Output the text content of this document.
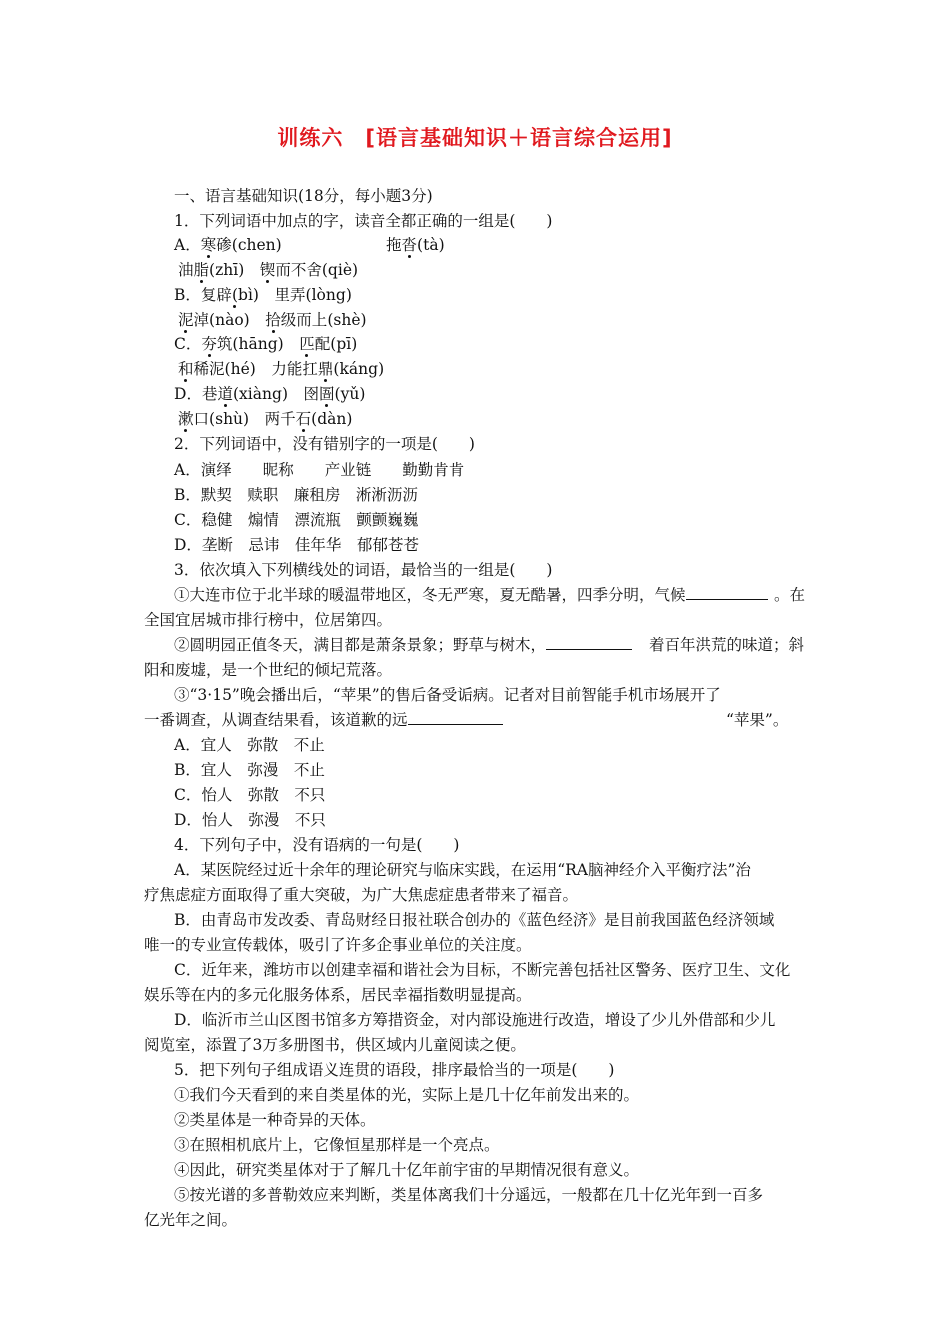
训练六 [语言基础知识＋语言综合运用]
一、语言基础知识(18分，每小题3分)
1．下列词语中加点的字，读音全都正确的一组是(　　)
A．寒碜(chen)	拖沓(tà)
油脂(zhī)　 锲而不舍(qiè)
B．复辟(bì)　 里弄(lòng)
泥淖(nào)　 拾级而上(shè)
C．夯筑(hāng)　 匹配(pī)
和稀泥(hé)　 力能扛鼎(káng)
D．巷道(xiàng)　 囹圄(yǔ)
漱口(shù)　 两千石(dàn)
2．下列词语中，没有错别字的一项是(　　)
A．演绎　　昵称　　产业链　　勤勤肯肯
B．默契　赎职　廉租房　淅淅沥沥
C．稳健　煽情　漂流瓶　颤颤巍巍
D．垄断　忌讳　佳年华　郁郁苍苍
3．依次填入下列横线处的词语，最恰当的一组是(　　)
①大连市位于北半球的暖温带地区，冬无严寒，夏无酷暑，四季分明，气候	。在
全国宜居城市排行榜中，位居第四。
②圆明园正值冬天，满目都是萧条景象；野草与树木，	着百年洪荒的味道；斜
阳和废墟，是一个世纪的倾圮荒落。
③“3·15”晚会播出后，“苹果”的售后备受诟病。记者对目前智能手机市场展开了
一番调查，从调查结果看，该道歉的远	“苹果”。
A．宜人　弥散　不止
B．宜人　弥漫　不止
C．怡人　弥散　不只
D．怡人　弥漫　不只
4．下列句子中，没有语病的一句是(　　)
A．某医院经过近十余年的理论研究与临床实践，在运用“RA脑神经介入平衡疗法”治
疗焦虑症方面取得了重大突破，为广大焦虑症患者带来了福音。
B．由青岛市发改委、青岛财经日报社联合创办的《蓝色经济》是目前我国蓝色经济领域
唯一的专业宣传载体，吸引了许多企事业单位的关注度。
C．近年来，潍坊市以创建幸福和谐社会为目标，不断完善包括社区警务、医疗卫生、文化
娱乐等在内的多元化服务体系，居民幸福指数明显提高。
D．临沂市兰山区图书馆多方筹措资金，对内部设施进行改造，增设了少儿外借部和少儿
阅览室，添置了3万多册图书，供区域内儿童阅读之便。
5．把下列句子组成语义连贯的语段，排序最恰当的一项是(　　)
①我们今天看到的来自类星体的光，实际上是几十亿年前发出来的。
②类星体是一种奇异的天体。
③在照相机底片上，它像恒星那样是一个亮点。
④因此，研究类星体对于了解几十亿年前宇宙的早期情况很有意义。
⑤按光谱的多普勒效应来判断，类星体离我们十分遥远，一般都在几十亿光年到一百多
亿光年之间。
